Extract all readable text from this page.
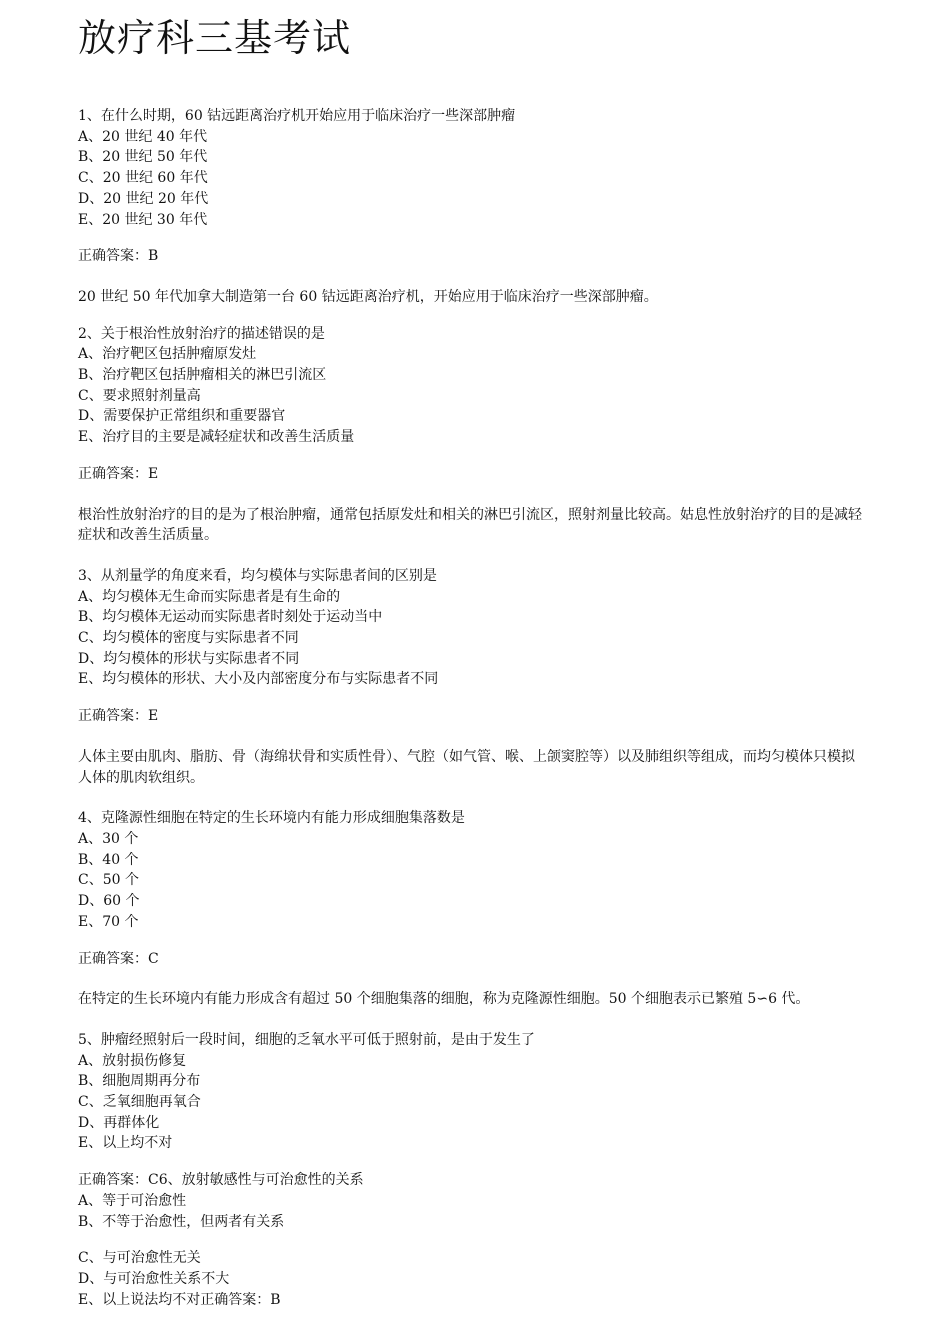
放疗科三基考试
1、在什么时期，60 钴远距离治疗机开始应用于临床治疗一些深部肿瘤
A、20 世纪 40 年代
B、20 世纪 50 年代
C、20 世纪 60 年代
D、20 世纪 20 年代
E、20 世纪 30 年代
正确答案：B
20 世纪 50 年代加拿大制造第一台 60 钴远距离治疗机，开始应用于临床治疗一些深部肿瘤。
2、关于根治性放射治疗的描述错误的是
A、治疗靶区包括肿瘤原发灶
B、治疗靶区包括肿瘤相关的淋巴引流区
C、要求照射剂量高
D、需要保护正常组织和重要器官
E、治疗目的主要是减轻症状和改善生活质量
正确答案：E
根治性放射治疗的目的是为了根治肿瘤，通常包括原发灶和相关的淋巴引流区，照射剂量比较高。姑息性放射治疗的目的是减轻症状和改善生活质量。
3、从剂量学的角度来看，均匀模体与实际患者间的区别是
A、均匀模体无生命而实际患者是有生命的
B、均匀模体无运动而实际患者时刻处于运动当中
C、均匀模体的密度与实际患者不同
D、均匀模体的形状与实际患者不同
E、均匀模体的形状、大小及内部密度分布与实际患者不同
正确答案：E
人体主要由肌肉、脂肪、骨（海绵状骨和实质性骨）、气腔（如气管、喉、上颌窦腔等）以及肺组织等组成，而均匀模体只模拟人体的肌肉软组织。
4、克隆源性细胞在特定的生长环境内有能力形成细胞集落数是
A、30 个
B、40 个
C、50 个
D、60 个
E、70 个
正确答案：C
在特定的生长环境内有能力形成含有超过 50 个细胞集落的细胞，称为克隆源性细胞。50 个细胞表示已繁殖 5∽6 代。
5、肿瘤经照射后一段时间，细胞的乏氧水平可低于照射前，是由于发生了
A、放射损伤修复
B、细胞周期再分布
C、乏氧细胞再氧合
D、再群体化
E、以上均不对
正确答案：C6、放射敏感性与可治愈性的关系
A、等于可治愈性
B、不等于治愈性，但两者有关系
C、与可治愈性无关
D、与可治愈性关系不大
E、以上说法均不对正确答案：B
